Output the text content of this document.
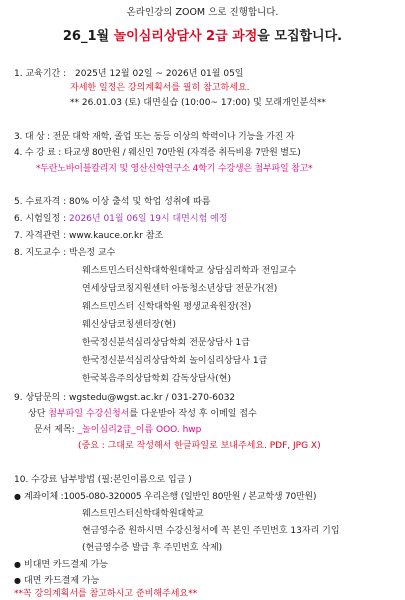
온라인강의 ZOOM 으로 진행합니다.
26_1월 놀이심리상담사 2급 과정을 모집합니다.
1. 교육기간 : 2025년 12월 02일 ~ 2026년 01월 05일
자세한 일정은 강의계획서를 필히 참고하세요.
** 26.01.03 (토) 대면실습 (10:00~ 17:00) 및 모래개인분석**
3. 대 상 : 전문 대학 재학, 졸업 또는 동등 이상의 학력이나 기능을 가진 자
4. 수 강 료 : 타교생 80만원 / 웨신인 70만원 (자격증 취득비용 7만원 별도)
*두란노바이블칼리지 및 영산신학연구소 4학기 수강생은 첨부파일 참고*
5. 수료자격 : 80% 이상 출석 및 학업 성취에 따름
6. 시험일정 : 2026년 01월 06일 19시 대면시험 예정
7. 자격관련 : www.kauce.or.kr 참조
8. 지도교수 : 박은정 교수
웨스트민스터신학대학원대학교 상담심리학과 전임교수
연세상담코칭지원센터 아동청소년상담 전문가(전)
웨스트민스터 신학대학원 평생교육원장(전)
웨신상담코칭센터장(현)
한국정신분석심리상담학회 전문상담사 1급
한국정신분석심리상담학회 놀이심리상담사 1급
한국복음주의상담학회 감독상담사(현)
9. 상담문의 : wgstedu@wgst.ac.kr / 031-270-6032
상단 첨부파일 수강신청서를 다운받아 작성 후 이메일 접수
문서 제목: _놀이심리2급_이름 OOO. hwp
(중요 : 그대로 작성해서 한글파일로 보내주세요. PDF, JPG X)
10. 수강료 납부방법 (필:본인이름으로 입금 )
● 계좌이체 :1005-080-320005 우리은행 (일반인 80만원 / 본교학생 70만원)
웨스트민스터신학대학원대학교
현금영수증 원하시면 수강신청서에 꼭 본인 주민번호 13자리 기입
(현금영수증 발급 후 주민번호 삭제)
● 비대면 카드결제 가능
● 대면 카드결제 가능
**꼭 강의계획서를 참고하시고 준비해주세요**
